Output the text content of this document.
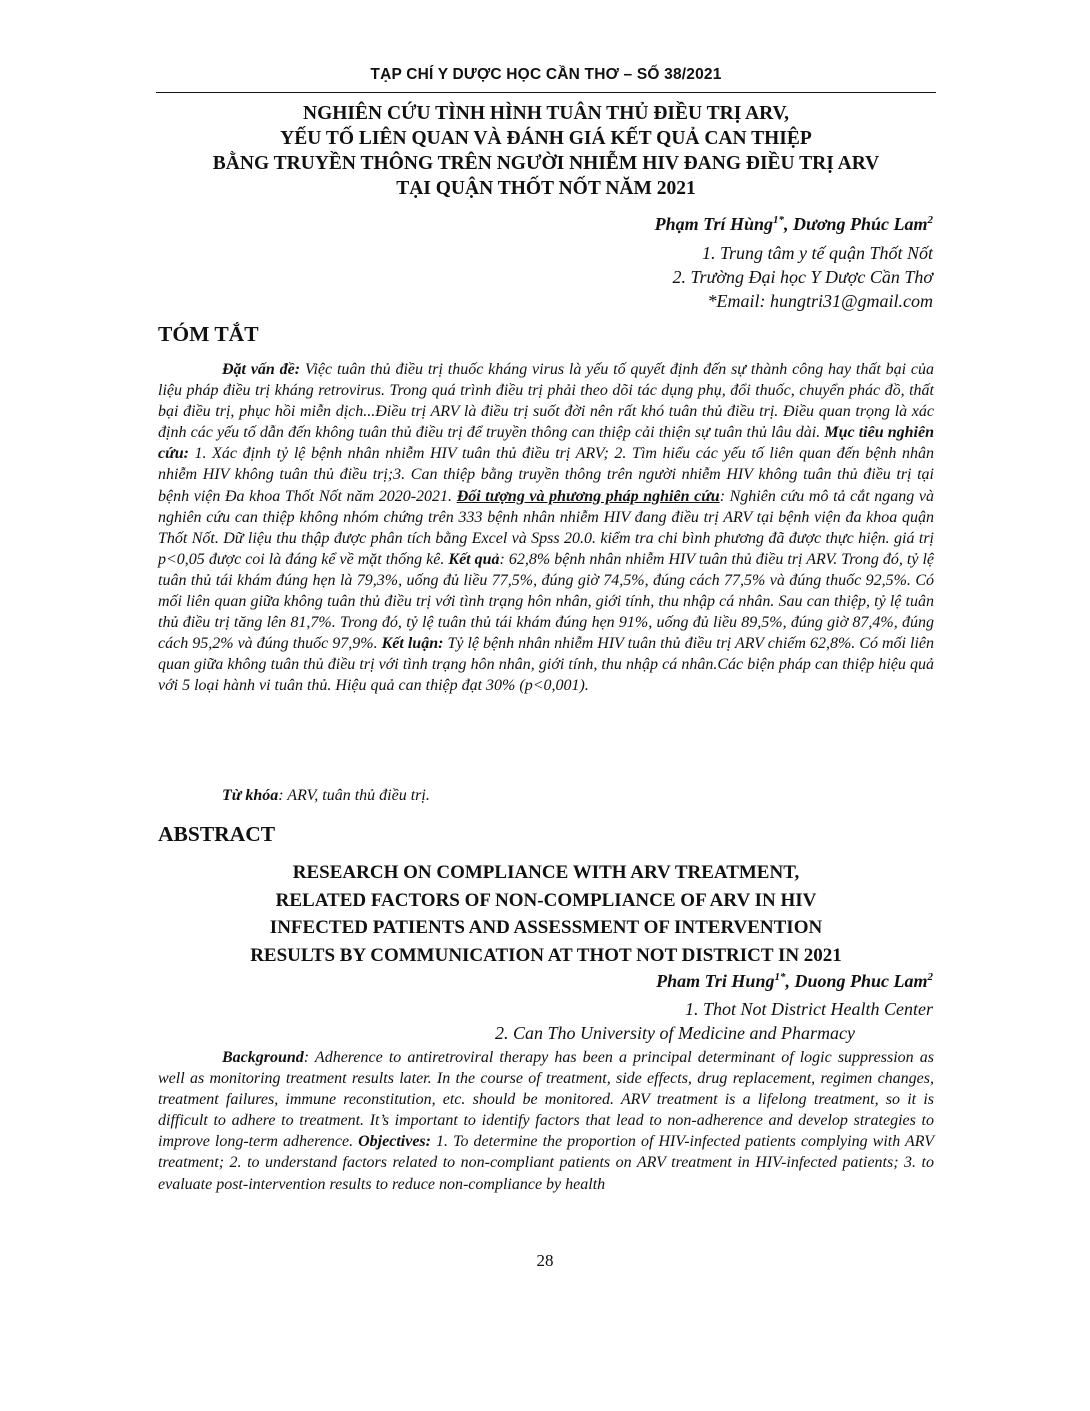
TẠP CHÍ Y DƯỢC HỌC CẦN THƠ – SỐ 38/2021
NGHIÊN CỨU TÌNH HÌNH TUÂN THỦ ĐIỀU TRỊ ARV,
YẾU TỐ LIÊN QUAN VÀ ĐÁNH GIÁ KẾT QUẢ CAN THIỆP
BẰNG TRUYỀN THÔNG TRÊN NGƯỜI NHIỄM HIV ĐANG ĐIỀU TRỊ ARV
TẠI QUẬN THỐT NỐT NĂM 2021
Phạm Trí Hùng$^{1*}$, Dương Phúc Lam$^2$
1. Trung tâm y tế quận Thốt Nốt
2. Trường Đại học Y Dược Cần Thơ
*Email: hungtri31@gmail.com
TÓM TẮT

Đặt vấn đề: Việc tuân thủ điều trị thuốc kháng virus là yếu tố quyết định đến sự thành công hay thất bại của liệu pháp điều trị kháng retrovirus. Trong quá trình điều trị phải theo dõi tác dụng phụ, đổi thuốc, chuyển phác đồ, thất bại điều trị, phục hồi miễn dịch...Điều trị ARV là điều trị suốt đời nên rất khó tuân thủ điều trị. Điều quan trọng là xác định các yếu tố dẫn đến không tuân thủ điều trị để truyền thông can thiệp cải thiện sự tuân thủ lâu dài. Mục tiêu nghiên cứu: 1. Xác định tỷ lệ bệnh nhân nhiễm HIV tuân thủ điều trị ARV; 2. Tìm hiểu các yếu tố liên quan đến bệnh nhân nhiễm HIV không tuân thủ điều trị;3. Can thiệp bằng truyền thông trên người nhiễm HIV không tuân thủ điều trị tại bệnh viện Đa khoa Thốt Nốt năm 2020-2021. Đối tượng và phương pháp nghiên cứu: Nghiên cứu mô tả cắt ngang và nghiên cứu can thiệp không nhóm chứng trên 333 bệnh nhân nhiễm HIV đang điều trị ARV tại bệnh viện đa khoa quận Thốt Nốt. Dữ liệu thu thập được phân tích bằng Excel và Spss 20.0. kiểm tra chi bình phương đã được thực hiện. giá trị p<0,05 được coi là đáng kể về mặt thống kê. Kết quả: 62,8% bệnh nhân nhiễm HIV tuân thủ điều trị ARV. Trong đó, tỷ lệ tuân thủ tái khám đúng hẹn là 79,3%, uống đủ liều 77,5%, đúng giờ 74,5%, đúng cách 77,5% và đúng thuốc 92,5%. Có mối liên quan giữa không tuân thủ điều trị với tình trạng hôn nhân, giới tính, thu nhập cá nhân. Sau can thiệp, tỷ lệ tuân thủ điều trị tăng lên 81,7%. Trong đó, tỷ lệ tuân thủ tái khám đúng hẹn 91%, uống đủ liều 89,5%, đúng giờ 87,4%, đúng cách 95,2% và đúng thuốc 97,9%. Kết luận: Tỷ lệ bệnh nhân nhiễm HIV tuân thủ điều trị ARV chiếm 62,8%. Có mối liên quan giữa không tuân thủ điều trị với tình trạng hôn nhân, giới tính, thu nhập cá nhân.Các biện pháp can thiệp hiệu quả với 5 loại hành vi tuân thủ. Hiệu quả can thiệp đạt 30% (p<0,001).

Từ khóa: ARV, tuân thủ điều trị.

ABSTRACT
RESEARCH ON COMPLIANCE WITH ARV TREATMENT,
RELATED FACTORS OF NON-COMPLIANCE OF ARV IN HIV
INFECTED PATIENTS AND ASSESSMENT OF INTERVENTION
RESULTS BY COMMUNICATION AT THOT NOT DISTRICT IN 2021
Pham Tri Hung$^{1*}$, Duong Phuc Lam$^2$
1. Thot Not District Health Center
2. Can Tho University of Medicine and Pharmacy

Background: Adherence to antiretroviral therapy has been a principal determinant of logic suppression as well as monitoring treatment results later. In the course of treatment, side effects, drug replacement, regimen changes, treatment failures, immune reconstitution, etc. should be monitored. ARV treatment is a lifelong treatment, so it is difficult to adhere to treatment. It’s important to identify factors that lead to non-adherence and develop strategies to improve long-term adherence. Objectives: 1. To determine the proportion of HIV-infected patients complying with ARV treatment; 2. to understand factors related to non-compliant patients on ARV treatment in HIV-infected patients; 3. to evaluate post-intervention results to reduce non-compliance by health

28
